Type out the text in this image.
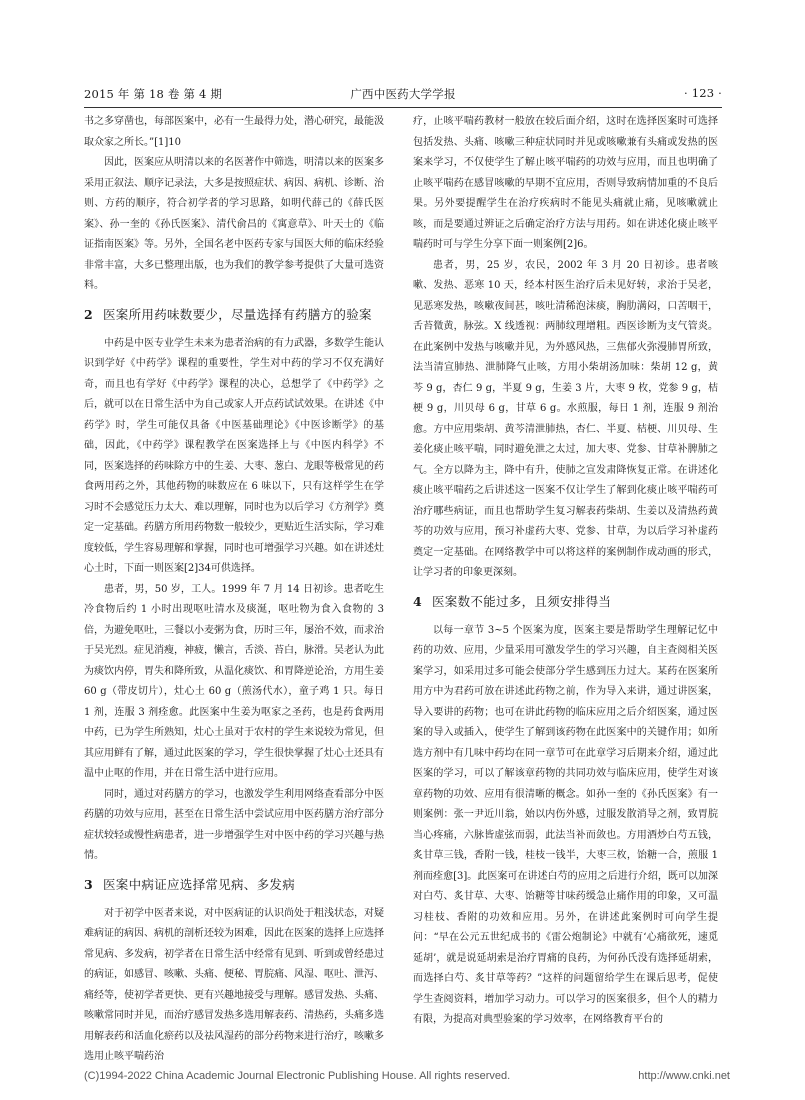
2015 年 第 18 卷 第 4 期	广西中医药大学学报	· 123 ·

书之多穿凿也，每部医案中，必有一生最得力处，潜心研究，最能汲取众家之所长。”[1]10

因此，医案应从明清以来的名医著作中筛选，明清以来的医案多采用正叙法、顺序记录法，大多是按照症状、病因、病机、诊断、治则、方药的顺序，符合初学者的学习思路，如明代薛己的《薛氏医案》、孙一奎的《孙氏医案》、清代俞昌的《寓意草》、叶天士的《临证指南医案》等。另外，全国名老中医药专家与国医大师的临床经验非常丰富，大多已整理出版，也为我们的教学参考提供了大量可选资料。

2 医案所用药味数要少，尽量选择有药膳方的验案

中药是中医专业学生未来为患者治病的有力武器，多数学生能认识到学好《中药学》课程的重要性，学生对中药的学习不仅充满好奇，而且也有学好《中药学》课程的决心，总想学了《中药学》之后，就可以在日常生活中为自己或家人开点药试试效果。在讲述《中药学》时，学生可能仅具备《中医基础理论》《中医诊断学》的基础，因此，《中药学》课程教学在医案选择上与《中医内科学》不同，医案选择的药味除方中的生姜、大枣、葱白、龙眼等极常见的药食两用药之外，其他药物的味数应在 6 味以下，只有这样学生在学习时不会感觉压力太大、难以理解，同时也为以后学习《方剂学》奠定一定基础。药膳方所用药物数一般较少，更贴近生活实际，学习难度较低，学生容易理解和掌握，同时也可增强学习兴趣。如在讲述灶心土时，下面一则医案[2]34可供选择。

患者，男，50 岁，工人。1999 年 7 月 14 日初诊。患者吃生冷食物后约 1 小时出现呕吐清水及痰涎，呕吐物为食入食物的 3 倍，为避免呕吐，三餐以小麦粥为食，历时三年，屡治不效，而求治于吴光烈。症见消瘦，神疲，懒言，舌淡、苔白，脉滑。吴老认为此为痰饮内停，胃失和降所致，从温化痰饮、和胃降逆论治，方用生姜 60 g（带皮切片），灶心土 60 g（煎汤代水），童子鸡 1 只。每日 1 剂，连服 3 剂痊愈。此医案中生姜为呕家之圣药，也是药食两用中药，已为学生所熟知，灶心土虽对于农村的学生来说较为常见，但其应用鲜有了解，通过此医案的学习，学生很快掌握了灶心土还具有温中止呕的作用，并在日常生活中进行应用。

同时，通过对药膳方的学习，也激发学生利用网络查看部分中医药膳的功效与应用，甚至在日常生活中尝试应用中医药膳方治疗部分症状较轻或慢性病患者，进一步增强学生对中医中药的学习兴趣与热情。

3 医案中病证应选择常见病、多发病

对于初学中医者来说，对中医病证的认识尚处于粗浅状态，对疑难病证的病因、病机的剖析还较为困难，因此在医案的选择上应选择常见病、多发病，初学者在日常生活中经常有见到、听到或曾经患过的病证，如感冒、咳嗽、头痛、便秘、胃脘痛、风湿、呕吐、泄泻、痛经等，使初学者更快、更有兴趣地接受与理解。感冒发热、头痛、咳嗽常同时并见，而治疗感冒发热多选用解表药、清热药，头痛多选用解表药和活血化瘀药以及祛风湿药的部分药物来进行治疗，咳嗽多选用止咳平喘药治

疗，止咳平喘药教材一般放在较后面介绍，这时在选择医案时可选择包括发热、头痛、咳嗽三种症状同时并见或咳嗽兼有头痛或发热的医案来学习，不仅使学生了解止咳平喘药的功效与应用，而且也明确了止咳平喘药在感冒咳嗽的早期不宜应用，否则导致病情加重的不良后果。另外要提醒学生在治疗疾病时不能见头痛就止痛，见咳嗽就止咳，而是要通过辨证之后确定治疗方法与用药。如在讲述化痰止咳平喘药时可与学生分享下面一则案例[2]6。

患者，男，25 岁，农民，2002 年 3 月 20 日初诊。患者咳嗽、发热、恶寒 10 天，经本村医生治疗后未见好转，求治于吴老，见恶寒发热，咳嗽夜间甚，咳吐清稀泡沫痰，胸肋满闷，口苦咽干，舌苔微黄，脉弦。X 线透视：两肺纹理增粗。西医诊断为支气管炎。在此案例中发热与咳嗽并见，为外感风热，三焦郁火弥漫肺胃所致，法当清宣肺热、泄肺降气止咳，方用小柴胡汤加味：柴胡 12 g，黄芩 9 g，杏仁 9 g，半夏 9 g，生姜 3 片，大枣 9 枚，党参 9 g，桔梗 9 g，川贝母 6 g，甘草 6 g。水煎服，每日 1 剂，连服 9 剂治愈。方中应用柴胡、黄芩清泄肺热，杏仁、半夏、桔梗、川贝母、生姜化痰止咳平喘，同时避免泄之太过，加大枣、党参、甘草补脾肺之气。全方以降为主，降中有升，使肺之宣发肃降恢复正常。在讲述化痰止咳平喘药之后讲述这一医案不仅让学生了解到化痰止咳平喘药可治疗哪些病证，而且也帮助学生复习解表药柴胡、生姜以及清热药黄芩的功效与应用，预习补虚药大枣、党参、甘草，为以后学习补虚药奠定一定基础。在网络教学中可以将这样的案例制作成动画的形式，让学习者的印象更深刻。

4 医案数不能过多，且须安排得当

以每一章节 3~5 个医案为度，医案主要是帮助学生理解记忆中药的功效、应用，少量采用可激发学生的学习兴趣，自主查阅相关医案学习，如采用过多可能会使部分学生感到压力过大。某药在医案所用方中为君药可放在讲述此药物之前，作为导入来讲，通过讲医案，导入要讲的药物；也可在讲此药物的临床应用之后介绍医案，通过医案的导入或插入，使学生了解到该药物在此医案中的关键作用；如所选方剂中有几味中药均在同一章节可在此章学习后期来介绍，通过此医案的学习，可以了解该章药物的共同功效与临床应用，使学生对该章药物的功效、应用有很清晰的概念。如孙一奎的《孙氏医案》有一则案例：张一尹近川翁，始以内伤外感，过服发散消导之剂，致胃脘当心疼痛，六脉皆虚弦而弱，此法当补而敛也。方用酒炒白芍五钱，炙甘草三钱，香附一钱，桂枝一钱半，大枣三枚，饴糖一合，煎服 1 剂而痊愈[3]。此医案可在讲述白芍的应用之后进行介绍，既可以加深对白芍、炙甘草、大枣、饴糖等甘味药缓急止痛作用的印象，又可温习桂枝、香附的功效和应用。另外，在讲述此案例时可向学生提问：“早在公元五世纪成书的《雷公炮制论》中就有‘心痛欲死，速觅延胡’，就是说延胡索是治疗胃痛的良药，为何孙氏没有选择延胡索，而选择白芍、炙甘草等药？”这样的问题留给学生在课后思考，促使学生查阅资料，增加学习动力。可以学习的医案很多，但个人的精力有限，为提高对典型验案的学习效率，在网络教育平台的

(C)1994-2022 China Academic Journal Electronic Publishing House. All rights reserved.	http://www.cnki.net
